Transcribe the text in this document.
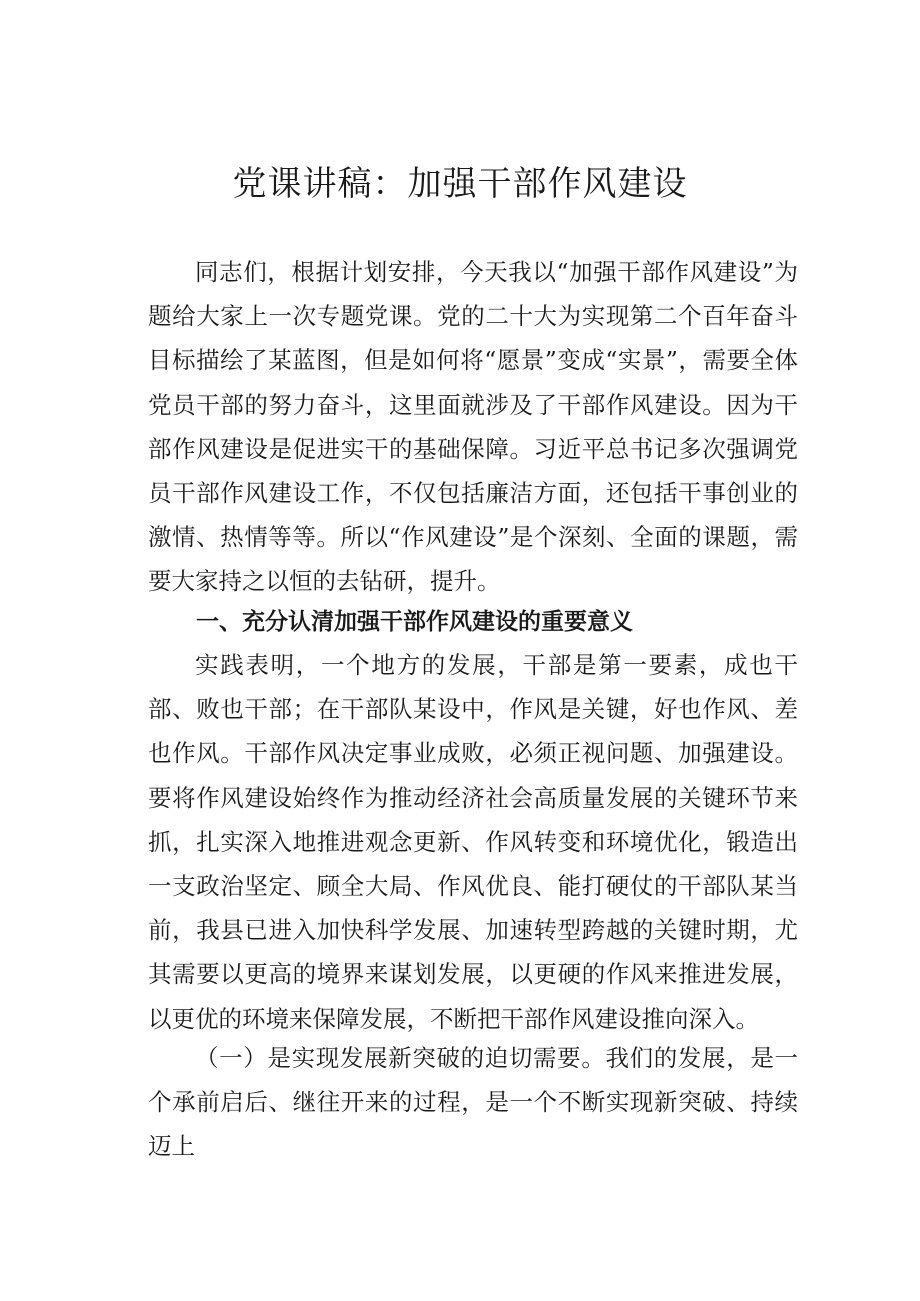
党课讲稿：加强干部作风建设

同志们，根据计划安排，今天我以“加强干部作风建设”为题给大家上一次专题党课。党的二十大为实现第二个百年奋斗目标描绘了某蓝图，但是如何将“愿景”变成“实景”，需要全体党员干部的努力奋斗，这里面就涉及了干部作风建设。因为干部作风建设是促进实干的基础保障。习近平总书记多次强调党员干部作风建设工作，不仅包括廉洁方面，还包括干事创业的激情、热情等等。所以“作风建设”是个深刻、全面的课题，需要大家持之以恒的去钻研，提升。

一、充分认清加强干部作风建设的重要意义

实践表明，一个地方的发展，干部是第一要素，成也干部、败也干部；在干部队某设中，作风是关键，好也作风、差也作风。干部作风决定事业成败，必须正视问题、加强建设。要将作风建设始终作为推动经济社会高质量发展的关键环节来抓，扎实深入地推进观念更新、作风转变和环境优化，锻造出一支政治坚定、顾全大局、作风优良、能打硬仗的干部队某当前，我县已进入加快科学发展、加速转型跨越的关键时期，尤其需要以更高的境界来谋划发展，以更硬的作风来推进发展，以更优的环境来保障发展，不断把干部作风建设推向深入。

（一）是实现发展新突破的迫切需要。我们的发展，是一个承前启后、继往开来的过程，是一个不断实现新突破、持续迈上
